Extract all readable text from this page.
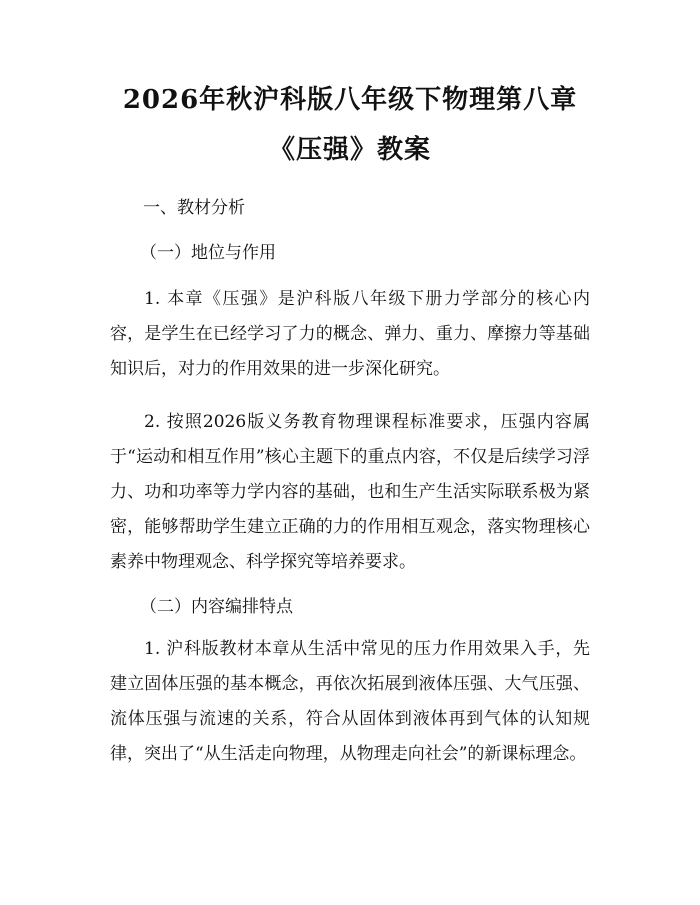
2026年秋沪科版八年级下物理第八章《压强》教案
一、教材分析
（一）地位与作用
1. 本章《压强》是沪科版八年级下册力学部分的核心内容，是学生在已经学习了力的概念、弹力、重力、摩擦力等基础知识后，对力的作用效果的进一步深化研究。
2. 按照2026版义务教育物理课程标准要求，压强内容属于“运动和相互作用”核心主题下的重点内容，不仅是后续学习浮力、功和功率等力学内容的基础，也和生产生活实际联系极为紧密，能够帮助学生建立正确的力的作用相互观念，落实物理核心素养中物理观念、科学探究等培养要求。
（二）内容编排特点
1. 沪科版教材本章从生活中常见的压力作用效果入手，先建立固体压强的基本概念，再依次拓展到液体压强、大气压强、流体压强与流速的关系，符合从固体到液体再到气体的认知规律，突出了“从生活走向物理，从物理走向社会”的新课标理念。
